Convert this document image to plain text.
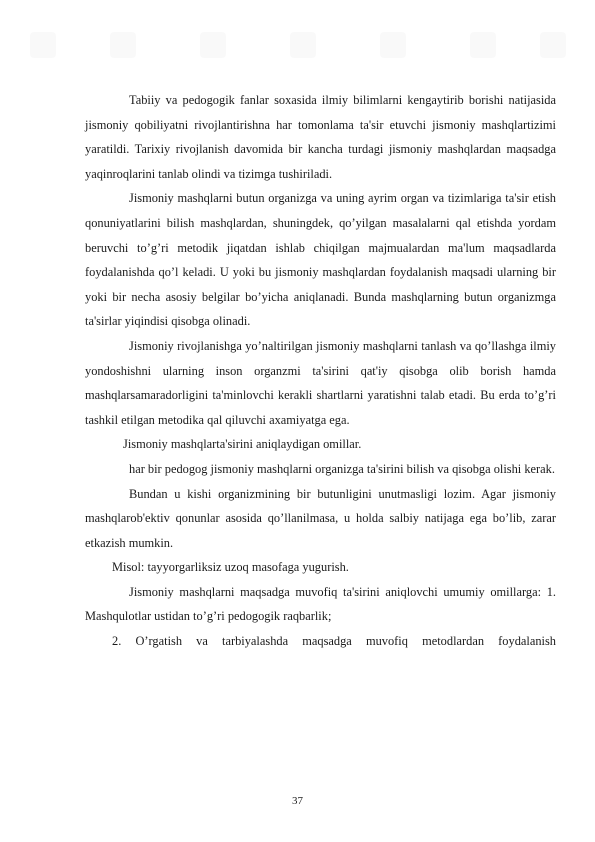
Tabiiy va pedogogik fanlar soxasida ilmiy bilimlarni kengaytirib borishi natijasida jismoniy qobiliyatni rivojlantirishna har tomonlama ta'sir etuvchi jismoniy mashqlartizimi yaratildi. Tarixiy rivojlanish davomida bir kancha turdagi jismoniy mashqlardan maqsadga yaqinroqlarini tanlab olindi va tizimga tushiriladi.

Jismoniy mashqlarni butun organizga va uning ayrim organ va tizimlariga ta'sir etish qonuniyatlarini bilish mashqlardan, shuningdek, qo’yilgan masalalarni qal etishda yordam beruvchi to’g’ri metodik jiqatdan ishlab chiqilgan majmualardan ma'lum maqsadlarda foydalanishda qo’l keladi. U yoki bu jismoniy mashqlardan foydalanish maqsadi ularning bir yoki bir necha asosiy belgilar bo’yicha aniqlanadi. Bunda mashqlarning butun organizmga ta'sirlar yiqindisi qisobga olinadi.

Jismoniy rivojlanishga yo’naltirilgan jismoniy mashqlarni tanlash va qo’llashga ilmiy yondoshishni ularning inson organzmi ta'sirini qat'iy qisobga olib borish hamda mashqlarsamaradorligini ta'minlovchi kerakli shartlarni yaratishni talab etadi. Bu erda to’g’ri tashkil etilgan metodika qal qiluvchi axamiyatga ega.

Jismoniy mashqlarta'sirini aniqlaydigan omillar.

har bir pedogog jismoniy mashqlarni organizga ta'sirini bilish va qisobga olishi kerak.

Bundan u kishi organizmining bir butunligini unutmasligi lozim. Agar jismoniy mashqlarob'ektiv qonunlar asosida qo’llanilmasa, u holda salbiy natijaga ega bo’lib, zarar etkazish mumkin.

Misol: tayyorgarliksiz uzoq masofaga yugurish.

Jismoniy mashqlarni maqsadga muvofiq ta'sirini aniqlovchi umumiy omillarga: 1. Mashqulotlar ustidan to’g’ri pedogogik raqbarlik;

2. O’rgatish va tarbiyalashda maqsadga muvofiq metodlardan foydalanish

37
